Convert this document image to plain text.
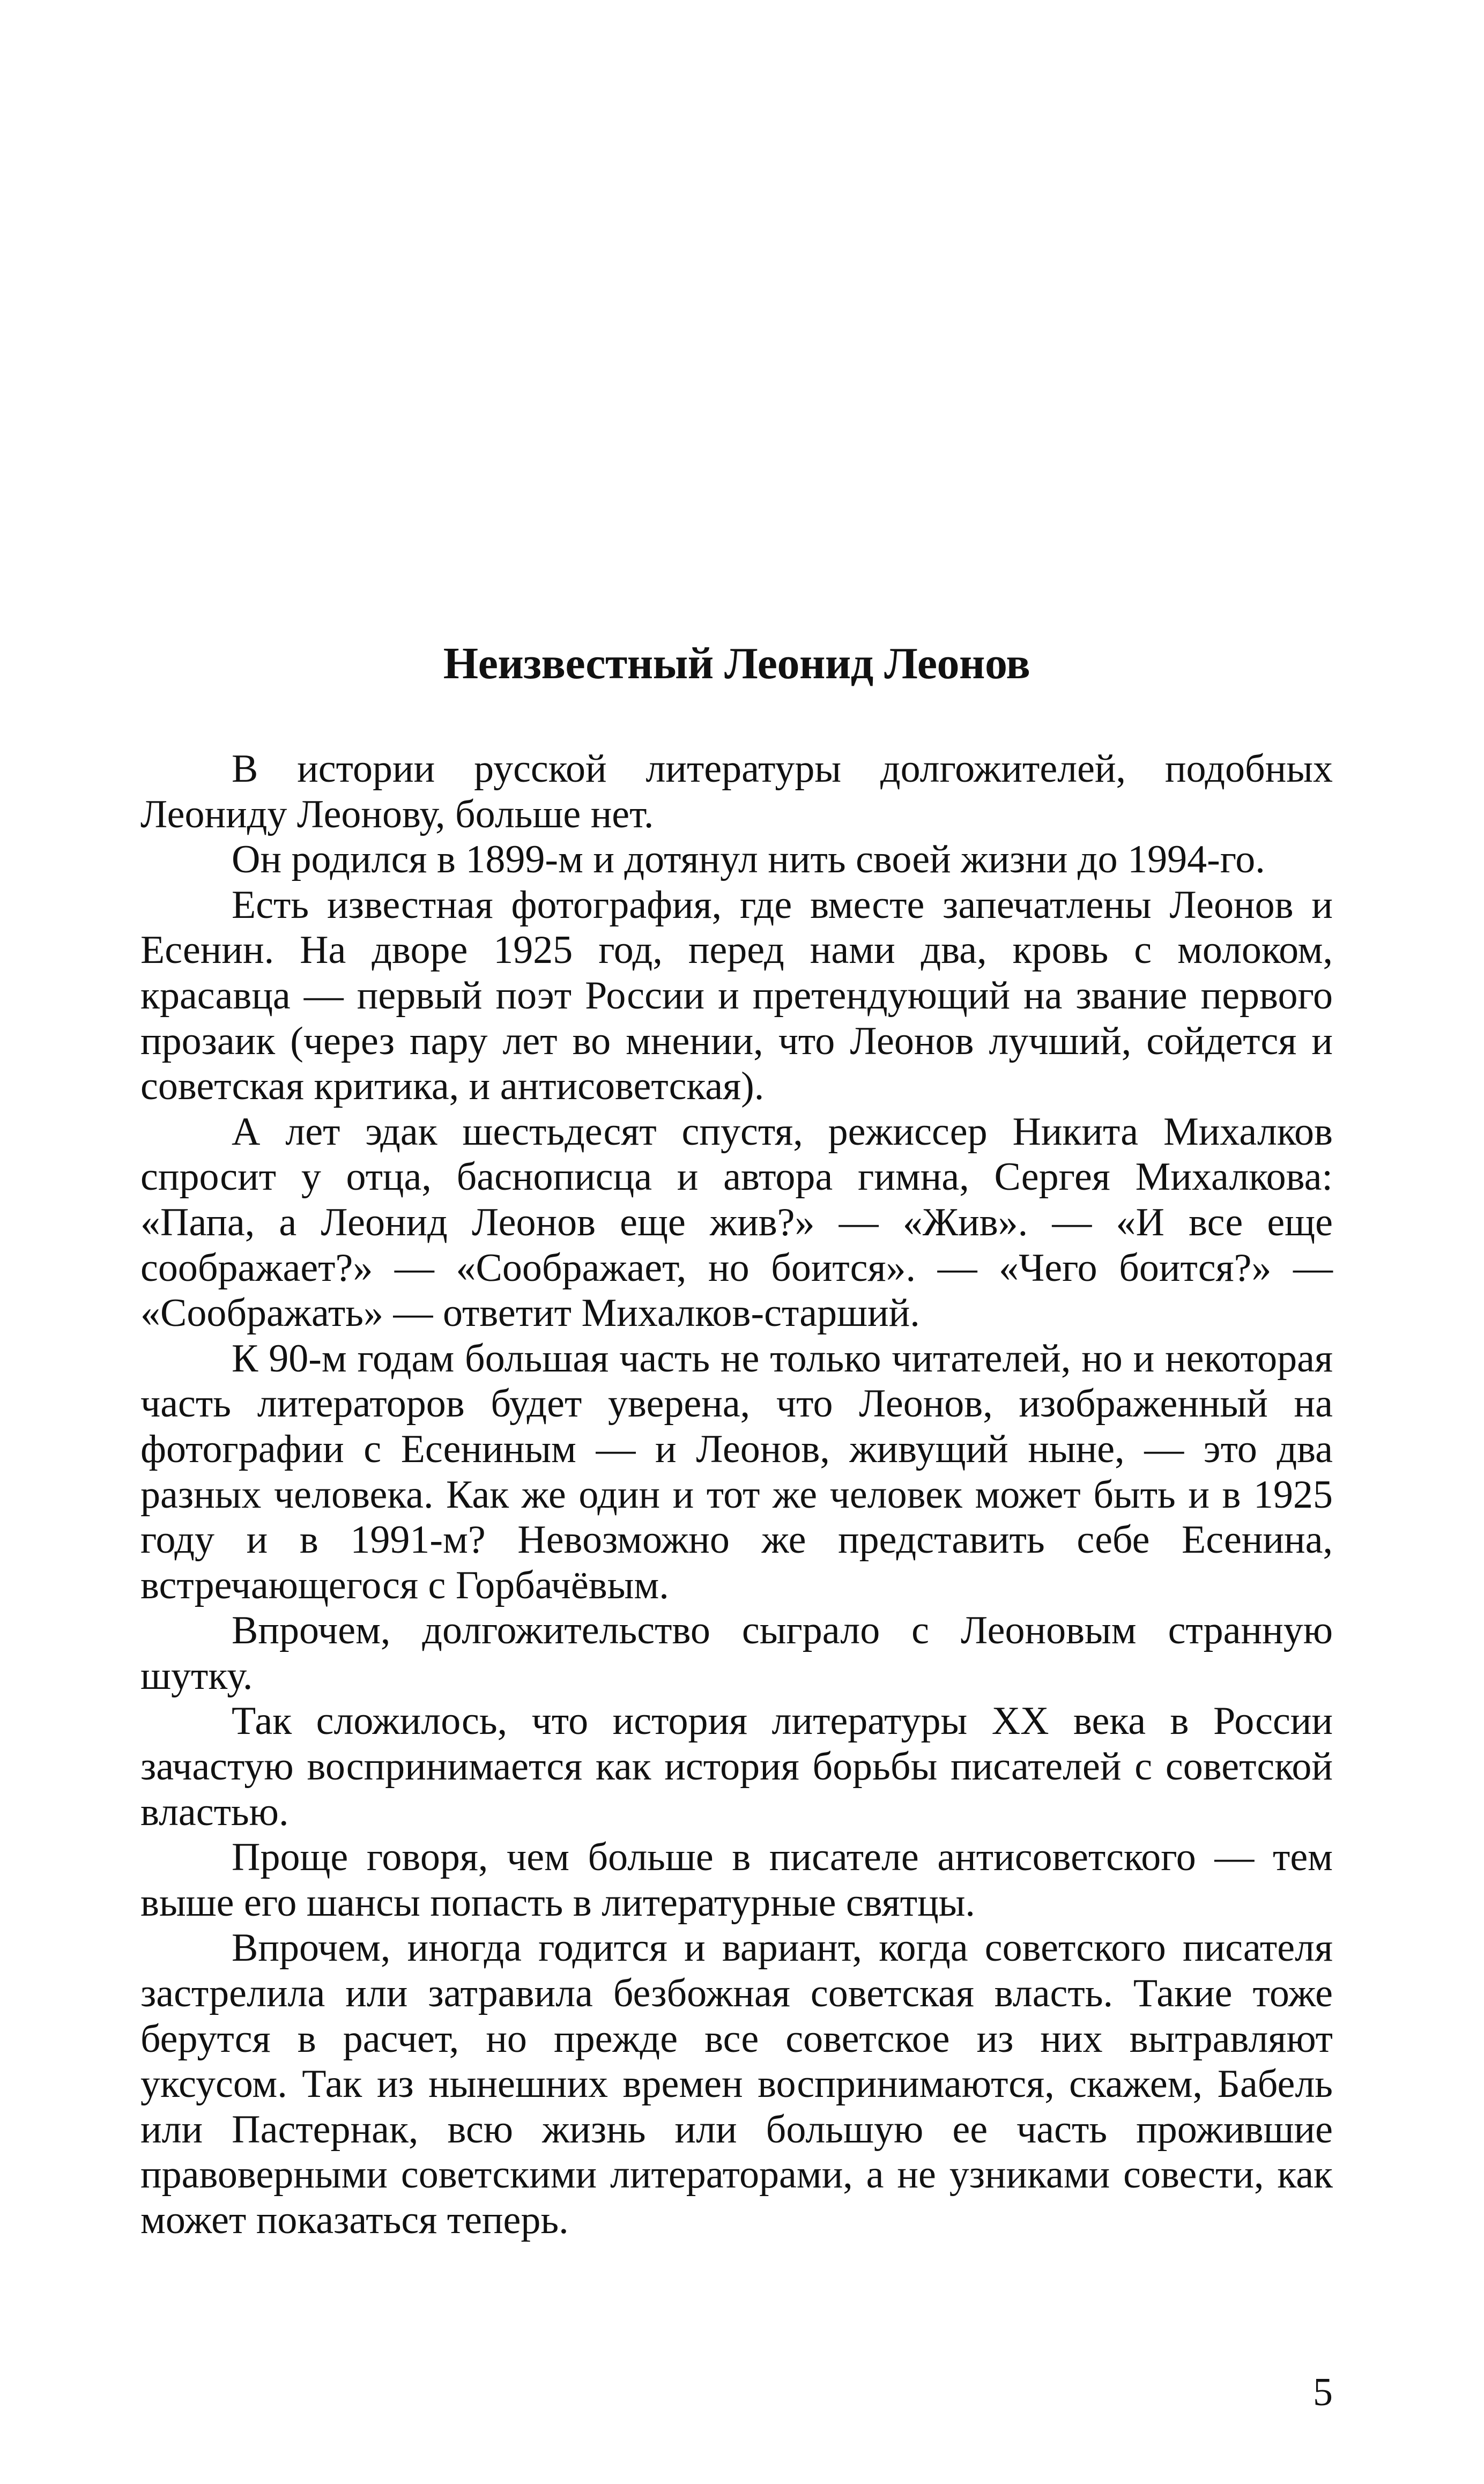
Неизвестный Леонид Леонов

В истории русской литературы долгожителей, подобных Леониду Леонову, больше нет.

Он родился в 1899-м и дотянул нить своей жизни до 1994-го.

Есть известная фотография, где вместе запечатлены Леонов и Есенин. На дворе 1925 год, перед нами два, кровь с молоком, красавца — первый поэт России и претендующий на звание первого прозаик (через пару лет во мнении, что Леонов лучший, сойдется и советская критика, и антисоветская).

А лет эдак шестьдесят спустя, режиссер Никита Михалков спросит у отца, баснописца и автора гимна, Сергея Михалкова: «Папа, а Леонид Леонов еще жив?» — «Жив». — «И все еще соображает?» — «Соображает, но боится». — «Чего боится?» — «Соображать» — ответит Михалков-старший.

К 90-м годам большая часть не только читателей, но и некоторая часть литераторов будет уверена, что Леонов, изображенный на фотографии с Есениным — и Леонов, живущий ныне, — это два разных человека. Как же один и тот же человек может быть и в 1925 году и в 1991-м? Невозможно же представить себе Есенина, встречающегося с Горбачёвым.

Впрочем, долгожительство сыграло с Леоновым странную шутку.

Так сложилось, что история литературы XX века в России зачастую воспринимается как история борьбы писателей с советской властью.

Проще говоря, чем больше в писателе антисоветского — тем выше его шансы попасть в литературные святцы.

Впрочем, иногда годится и вариант, когда советского писателя застрелила или затравила безбожная советская власть. Такие тоже берутся в расчет, но прежде все советское из них вытравляют уксусом. Так из нынешних времен воспринимаются, скажем, Бабель или Пастернак, всю жизнь или большую ее часть прожившие правоверными советскими литераторами, а не узниками совести, как может показаться теперь.

5
